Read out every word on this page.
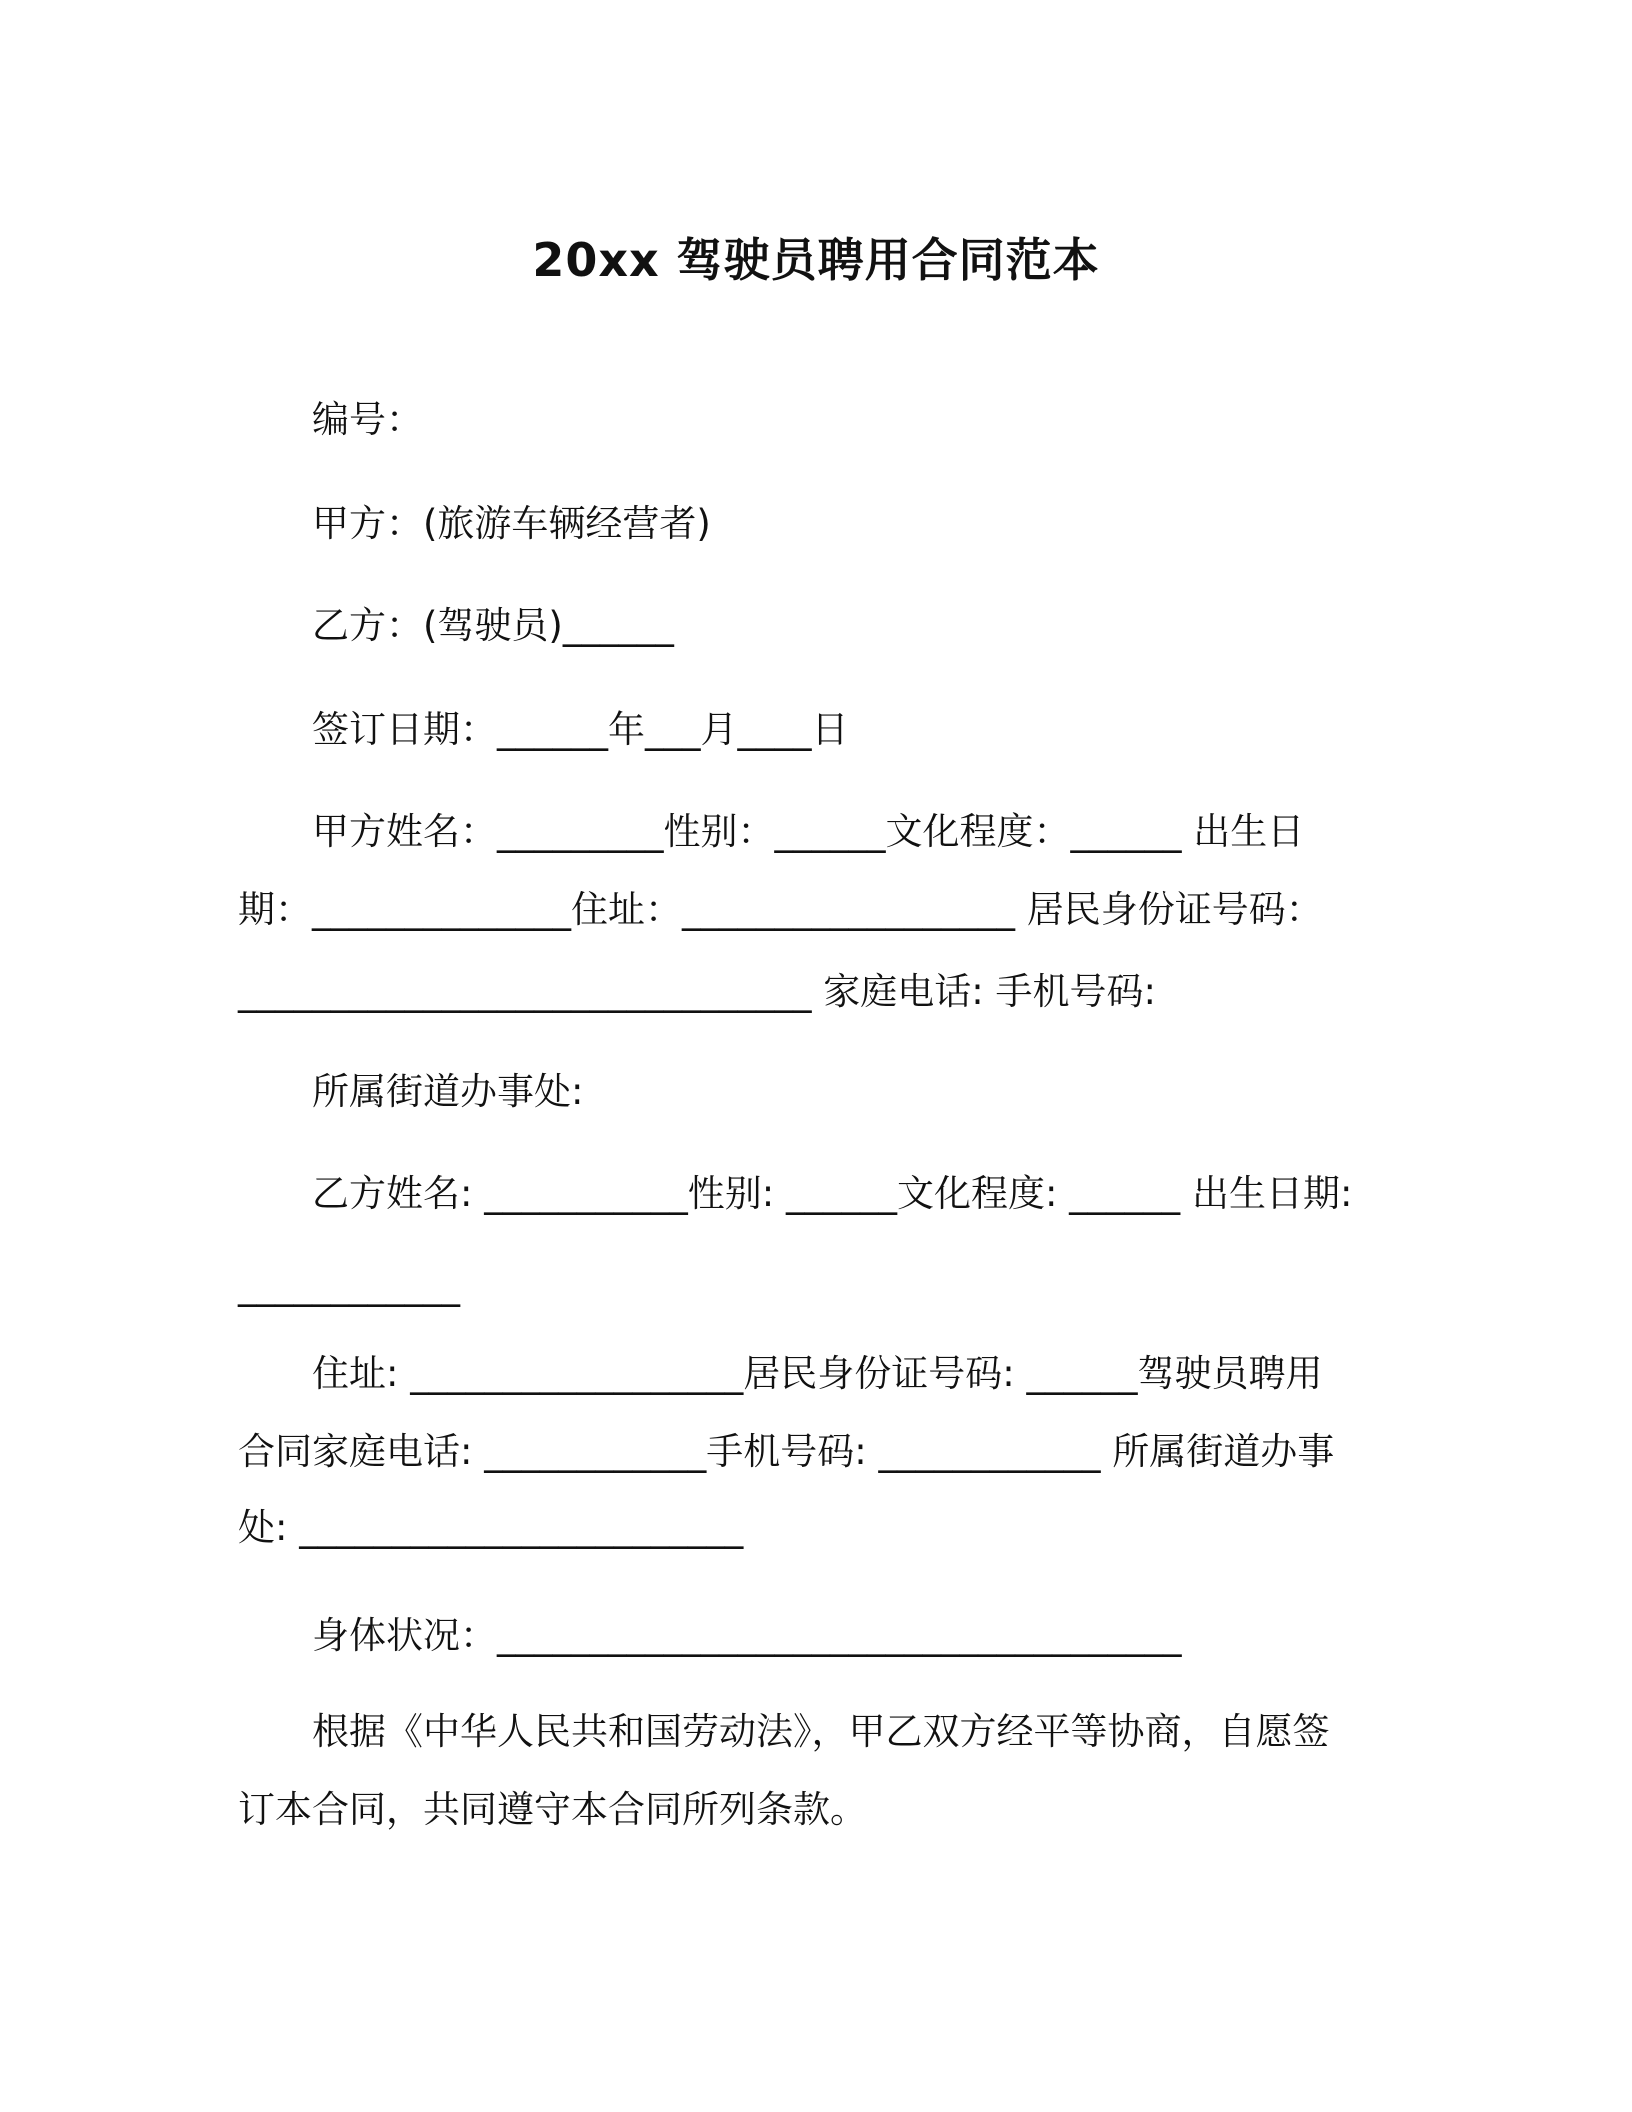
20xx 驾驶员聘用合同范本
编号：
甲方：(旅游车辆经营者)
乙方：(驾驶员)______
签订日期：______年___月____日
甲方姓名：_________性别：______文化程度：______ 出生日
期：______________住址：__________________ 居民身份证号码：
_______________________________ 家庭电话: 手机号码:
所属街道办事处:
乙方姓名: ___________性别: ______文化程度: ______ 出生日期:
____________
住址: __________________居民身份证号码: ______驾驶员聘用
合同家庭电话: ____________手机号码: ____________ 所属街道办事
处: ________________________
身体状况：_____________________________________
根据《中华人民共和国劳动法》，甲乙双方经平等协商，自愿签
订本合同，共同遵守本合同所列条款。
